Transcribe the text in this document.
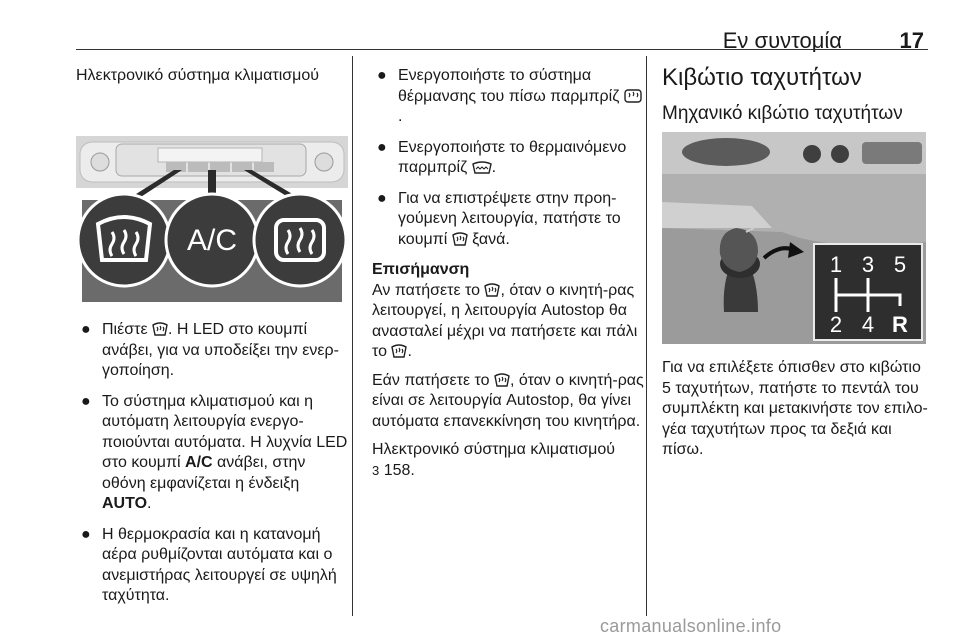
Εν συντομία	17

Ηλεκτρονικό σύστημα κλιματισμού

A/C
● Πιέστε . Η LED στο κουμπί ανάβει, για να υποδείξει την ενερ-γοποίηση.
● Το σύστημα κλιματισμού και η αυτόματη λειτουργία ενεργο-ποιούνται αυτόματα. Η λυχνία LED στο κουμπί A/C ανάβει, στην οθόνη εμφανίζεται η ένδειξη AUTO.
● Η θερμοκρασία και η κατανομή αέρα ρυθμίζονται αυτόματα και ο ανεμιστήρας λειτουργεί σε υψηλή ταχύτητα.
● Ενεργοποιήστε το σύστημα θέρμανσης του πίσω παρμπρίζ .
● Ενεργοποιήστε το θερμαινόμενο παρμπρίζ .
● Για να επιστρέψετε στην προη-γούμενη λειτουργία, πατήστε το κουμπί ξανά.

Επισήμανση

Αν πατήσετε το , όταν ο κινητή-ρας λειτουργεί, η λειτουργία Autostop θα ανασταλεί μέχρι να πατήσετε και πάλι το .

Εάν πατήσετε το , όταν ο κινητή-ρας είναι σε λειτουργία Autostop, θα γίνει αυτόματα επανεκκίνηση του κινητήρα.

Ηλεκτρονικό σύστημα κλιματισμού
3 158.

Κιβώτιο ταχυτήτων

Μηχανικό κιβώτιο ταχυτήτων

1 3 5
2 4 R

Για να επιλέξετε όπισθεν στο κιβώτιο 5 ταχυτήτων, πατήστε το πεντάλ του συμπλέκτη και μετακινήστε τον επιλο-γέα ταχυτήτων προς τα δεξιά και πίσω.

carmanualsonline.info
